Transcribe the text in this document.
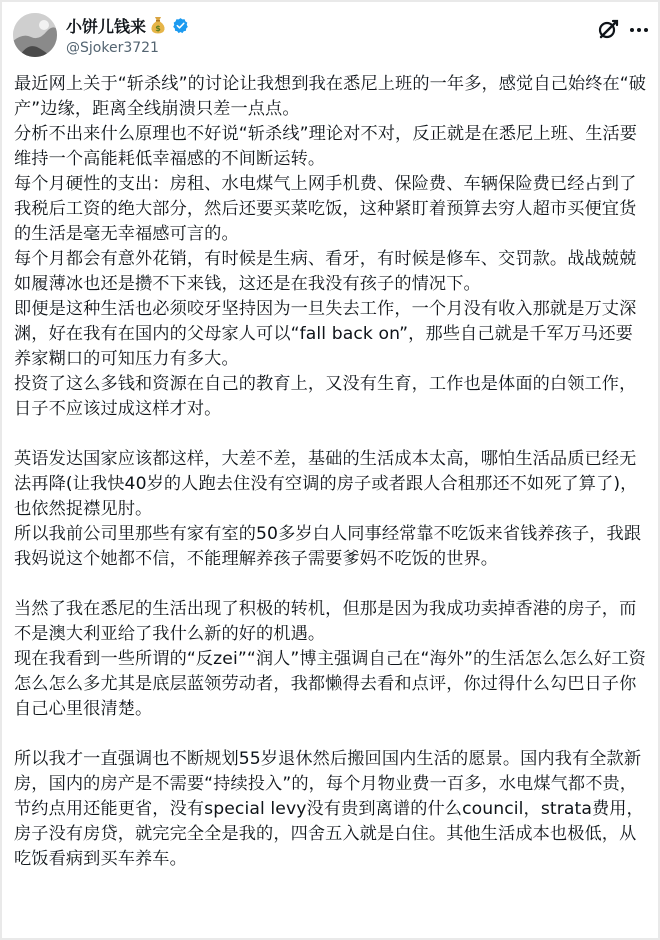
小饼儿钱来 $
@Sjoker3721

最近网上关于“斩杀线”的讨论让我想到我在悉尼上班的一年多，感觉自己始终在“破产”边缘，距离全线崩溃只差一点点。

分析不出来什么原理也不好说“斩杀线”理论对不对，反正就是在悉尼上班、生活要维持一个高能耗低幸福感的不间断运转。

每个月硬性的支出：房租、水电煤气上网手机费、保险费、车辆保险费已经占到了我税后工资的绝大部分，然后还要买菜吃饭，这种紧盯着预算去穷人超市买便宜货的生活是毫无幸福感可言的。

每个月都会有意外花销，有时候是生病、看牙，有时候是修车、交罚款。战战兢兢如履薄冰也还是攒不下来钱，这还是在我没有孩子的情况下。

即便是这种生活也必须咬牙坚持因为一旦失去工作，一个月没有收入那就是万丈深渊，好在我有在国内的父母家人可以“fall back on”，那些自己就是千军万马还要养家糊口的可知压力有多大。

投资了这么多钱和资源在自己的教育上，又没有生育，工作也是体面的白领工作，日子不应该过成这样才对。

英语发达国家应该都这样，大差不差，基础的生活成本太高，哪怕生活品质已经无法再降(让我快40岁的人跑去住没有空调的房子或者跟人合租那还不如死了算了)，也依然捉襟见肘。

所以我前公司里那些有家有室的50多岁白人同事经常靠不吃饭来省钱养孩子，我跟我妈说这个她都不信，不能理解养孩子需要爹妈不吃饭的世界。

当然了我在悉尼的生活出现了积极的转机，但那是因为我成功卖掉香港的房子，而不是澳大利亚给了我什么新的好的机遇。

现在我看到一些所谓的“反zei”“润人”博主强调自己在“海外”的生活怎么怎么好工资怎么怎么多尤其是底层蓝领劳动者，我都懒得去看和点评，你过得什么勾巴日子你自己心里很清楚。

所以我才一直强调也不断规划55岁退休然后搬回国内生活的愿景。国内我有全款新房，国内的房产是不需要“持续投入”的，每个月物业费一百多，水电煤气都不贵，节约点用还能更省，没有special levy没有贵到离谱的什么council，strata费用，房子没有房贷，就完完全全是我的，四舍五入就是白住。其他生活成本也极低，从吃饭看病到买车养车。
